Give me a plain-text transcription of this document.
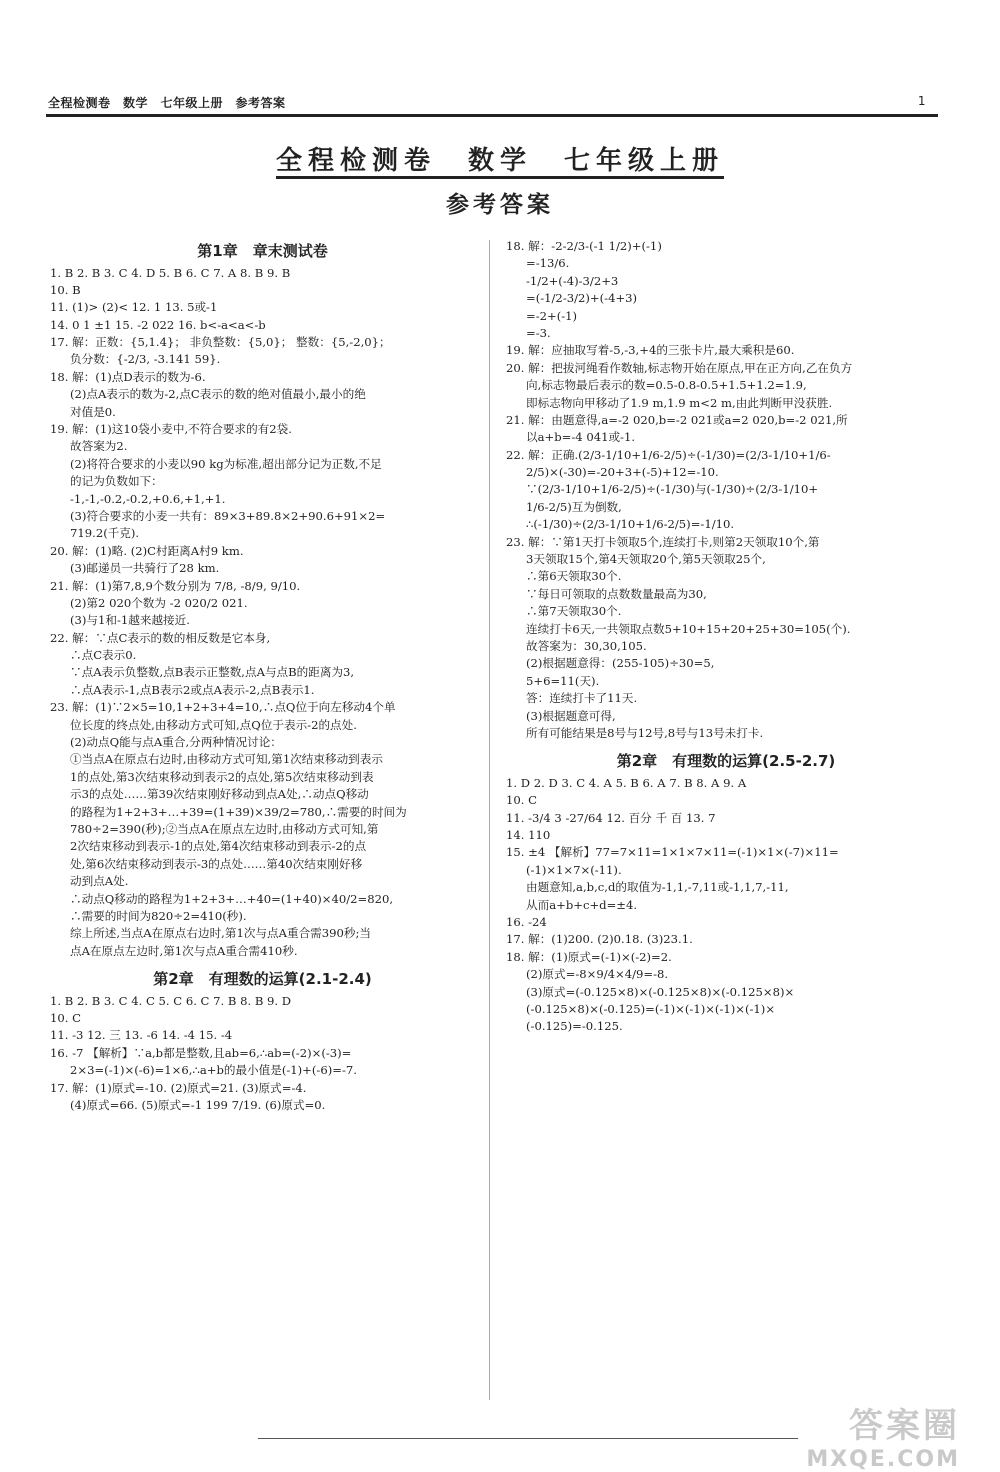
全程检测卷　数学　七年级上册　参考答案	1
全程检测卷　数学　七年级上册
参考答案
第1章　章末测试卷
1. B 2. B 3. C 4. D 5. B 6. C 7. A 8. B 9. B
10. B
11. (1)> (2)< 12. 1 13. 5或-1
14. 0 1 ±1 15. -2 022 16. b<-a<a<-b
17. 解：正数：{5,1.4}； 非负整数：{5,0}； 整数：{5,-2,0}；
负分数：{-2/3, -3.141 59}.
18. 解：(1)点D表示的数为-6.
(2)点A表示的数为-2,点C表示的数的绝对值最小,最小的绝
对值是0.
19. 解：(1)这10袋小麦中,不符合要求的有2袋.
故答案为2.
(2)将符合要求的小麦以90 kg为标准,超出部分记为正数,不足
的记为负数如下：
-1,-1,-0.2,-0.2,+0.6,+1,+1.
(3)符合要求的小麦一共有：89×3+89.8×2+90.6+91×2=
719.2(千克).
20. 解：(1)略. (2)C村距离A村9 km.
(3)邮递员一共骑行了28 km.
21. 解：(1)第7,8,9个数分别为 7/8, -8/9, 9/10.
(2)第2 020个数为 -2 020/2 021.
(3)与1和-1越来越接近.
22. 解：∵点C表示的数的相反数是它本身,
∴点C表示0.
∵点A表示负整数,点B表示正整数,点A与点B的距离为3,
∴点A表示-1,点B表示2或点A表示-2,点B表示1.
23. 解：(1)∵2×5=10,1+2+3+4=10,∴点Q位于向左移动4个单
位长度的终点处,由移动方式可知,点Q位于表示-2的点处.
(2)动点Q能与点A重合,分两种情况讨论：
①当点A在原点右边时,由移动方式可知,第1次结束移动到表示
1的点处,第3次结束移动到表示2的点处,第5次结束移动到表
示3的点处……第39次结束刚好移动到点A处,∴动点Q移动
的路程为1+2+3+…+39=(1+39)×39/2=780,∴需要的时间为
780÷2=390(秒);②当点A在原点左边时,由移动方式可知,第
2次结束移动到表示-1的点处,第4次结束移动到表示-2的点
处,第6次结束移动到表示-3的点处……第40次结束刚好移
动到点A处.
∴动点Q移动的路程为1+2+3+…+40=(1+40)×40/2=820,
∴需要的时间为820÷2=410(秒).
综上所述,当点A在原点右边时,第1次与点A重合需390秒;当
点A在原点左边时,第1次与点A重合需410秒.
第2章　有理数的运算(2.1-2.4)
1. B 2. B 3. C 4. C 5. C 6. C 7. B 8. B 9. D
10. C
11. -3 12. 三 13. -6 14. -4 15. -4
16. -7 【解析】∵a,b都是整数,且ab=6,∴ab=(-2)×(-3)=
2×3=(-1)×(-6)=1×6,∴a+b的最小值是(-1)+(-6)=-7.
17. 解：(1)原式=-10. (2)原式=21. (3)原式=-4.
(4)原式=66. (5)原式=-1 199 7/19. (6)原式=0.
18. 解：-2-2/3-(-1 1/2)+(-1)
=-13/6.
-1/2+(-4)-3/2+3
=(-1/2-3/2)+(-4+3)
=-2+(-1)
=-3.
19. 解：应抽取写着-5,-3,+4的三张卡片,最大乘积是60.
20. 解：把拔河绳看作数轴,标志物开始在原点,甲在正方向,乙在负方
向,标志物最后表示的数=0.5-0.8-0.5+1.5+1.2=1.9,
即标志物向甲移动了1.9 m,1.9 m<2 m,由此判断甲没获胜.
21. 解：由题意得,a=-2 020,b=-2 021或a=2 020,b=-2 021,所
以a+b=-4 041或-1.
22. 解：正确.(2/3-1/10+1/6-2/5)÷(-1/30)=(2/3-1/10+1/6-
2/5)×(-30)=-20+3+(-5)+12=-10.
∵(2/3-1/10+1/6-2/5)÷(-1/30)与(-1/30)÷(2/3-1/10+
1/6-2/5)互为倒数,
∴(-1/30)÷(2/3-1/10+1/6-2/5)=-1/10.
23. 解：∵第1天打卡领取5个,连续打卡,则第2天领取10个,第
3天领取15个,第4天领取20个,第5天领取25个,
∴第6天领取30个.
∵每日可领取的点数数量最高为30,
∴第7天领取30个.
连续打卡6天,一共领取点数5+10+15+20+25+30=105(个).
故答案为：30,30,105.
(2)根据题意得：(255-105)÷30=5,
5+6=11(天).
答：连续打卡了11天.
(3)根据题意可得,
所有可能结果是8号与12号,8号与13号未打卡.
第2章　有理数的运算(2.5-2.7)
1. D 2. D 3. C 4. A 5. B 6. A 7. B 8. A 9. A
10. C
11. -3/4 3 -27/64 12. 百分 千 百 13. 7
14. 110
15. ±4 【解析】77=7×11=1×1×7×11=(-1)×1×(-7)×11=
(-1)×1×7×(-11).
由题意知,a,b,c,d的取值为-1,1,-7,11或-1,1,7,-11,
从而a+b+c+d=±4.
16. -24
17. 解：(1)200. (2)0.18. (3)23.1.
18. 解：(1)原式=(-1)×(-2)=2.
(2)原式=-8×9/4×4/9=-8.
(3)原式=(-0.125×8)×(-0.125×8)×(-0.125×8)×
(-0.125×8)×(-0.125)=(-1)×(-1)×(-1)×(-1)×
(-0.125)=-0.125.
答案圈
MXQE.COM
